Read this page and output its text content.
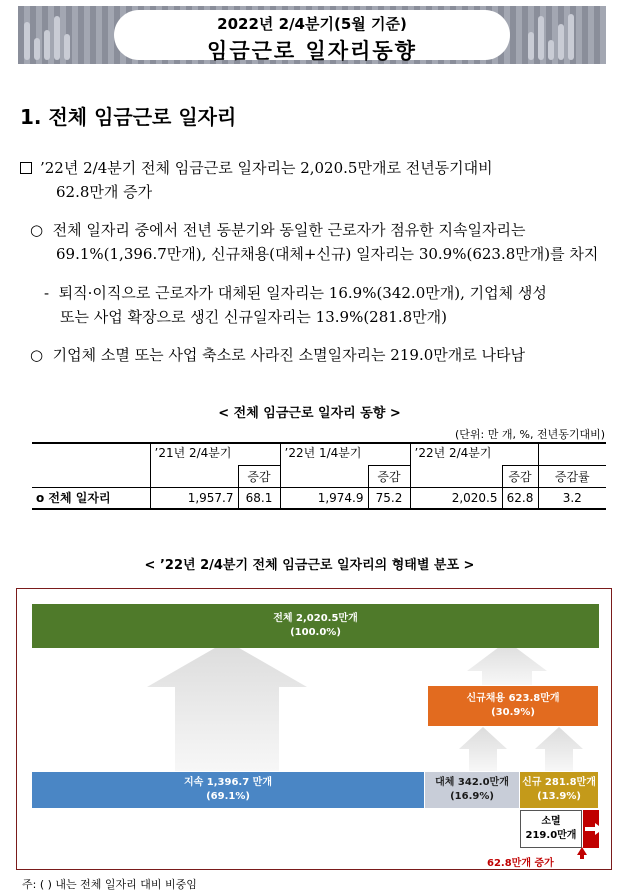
2022년 2/4분기(5월 기준)
임금근로 일자리동향
1. 전체 임금근로 일자리
’22년 2/4분기 전체 임금근로 일자리는 2,020.5만개로 전년동기대비
62.8만개 증가
○ 전체 일자리 중에서 전년 동분기와 동일한 근로자가 점유한 지속일자리는
69.1%(1,396.7만개), 신규채용(대체+신규) 일자리는 30.9%(623.8만개)를 차지
- 퇴직·이직으로 근로자가 대체된 일자리는 16.9%(342.0만개), 기업체 생성
또는 사업 확장으로 생긴 신규일자리는 13.9%(281.8만개)
○ 기업체 소멸 또는 사업 축소로 사라진 소멸일자리는 219.0만개로 나타남
< 전체 임금근로 일자리 동향 >
(단위: 만 개, %, 전년동기대비)
	’21년 2/4분기		’22년 1/4분기		’22년 2/4분기		
		증감		증감		증감	증감률
o 전체 일자리	1,957.7	68.1	1,974.9	75.2	2,020.5	62.8	3.2
< ’22년 2/4분기 전체 임금근로 일자리의 형태별 분포 >
전체 2,020.5만개
(100.0%)
신규채용 623.8만개
(30.9%)
지속 1,396.7 만개
(69.1%)
대체 342.0만개
(16.9%)
신규 281.8만개
(13.9%)
소멸
219.0만개
62.8만개 증가
주: ( ) 내는 전체 일자리 대비 비중임
